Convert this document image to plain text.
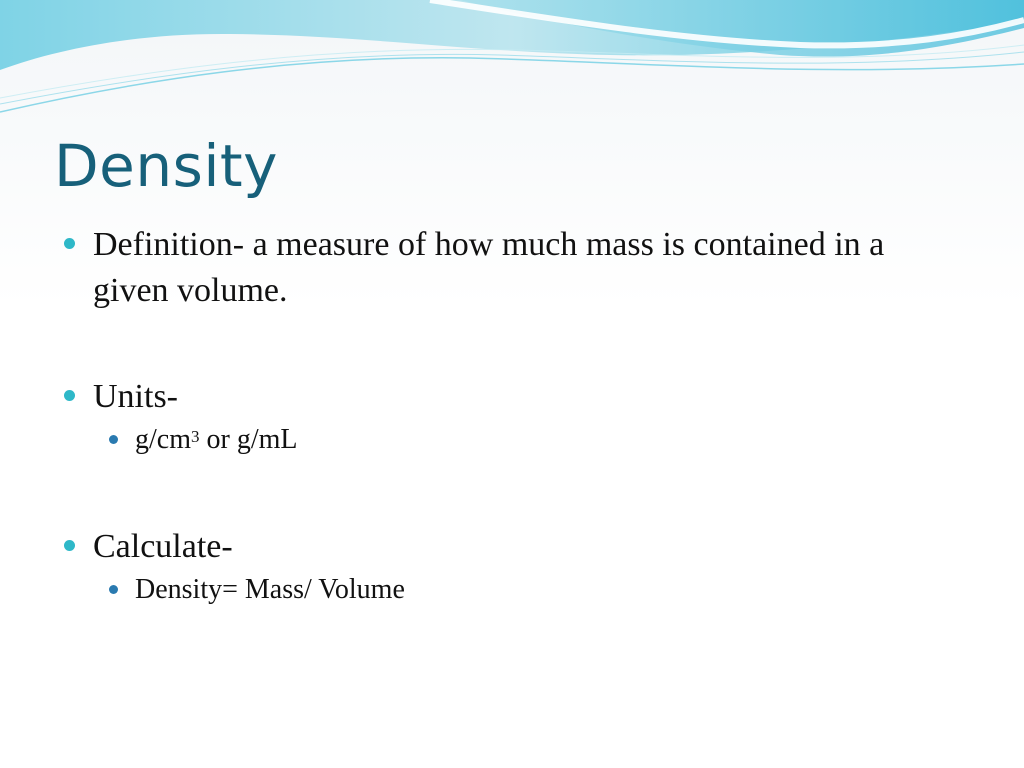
Density

Definition- a measure of how much mass is contained in a given volume.

Units-

$g/cm^3$ or g/mL

Calculate-

Density= Mass/ Volume
